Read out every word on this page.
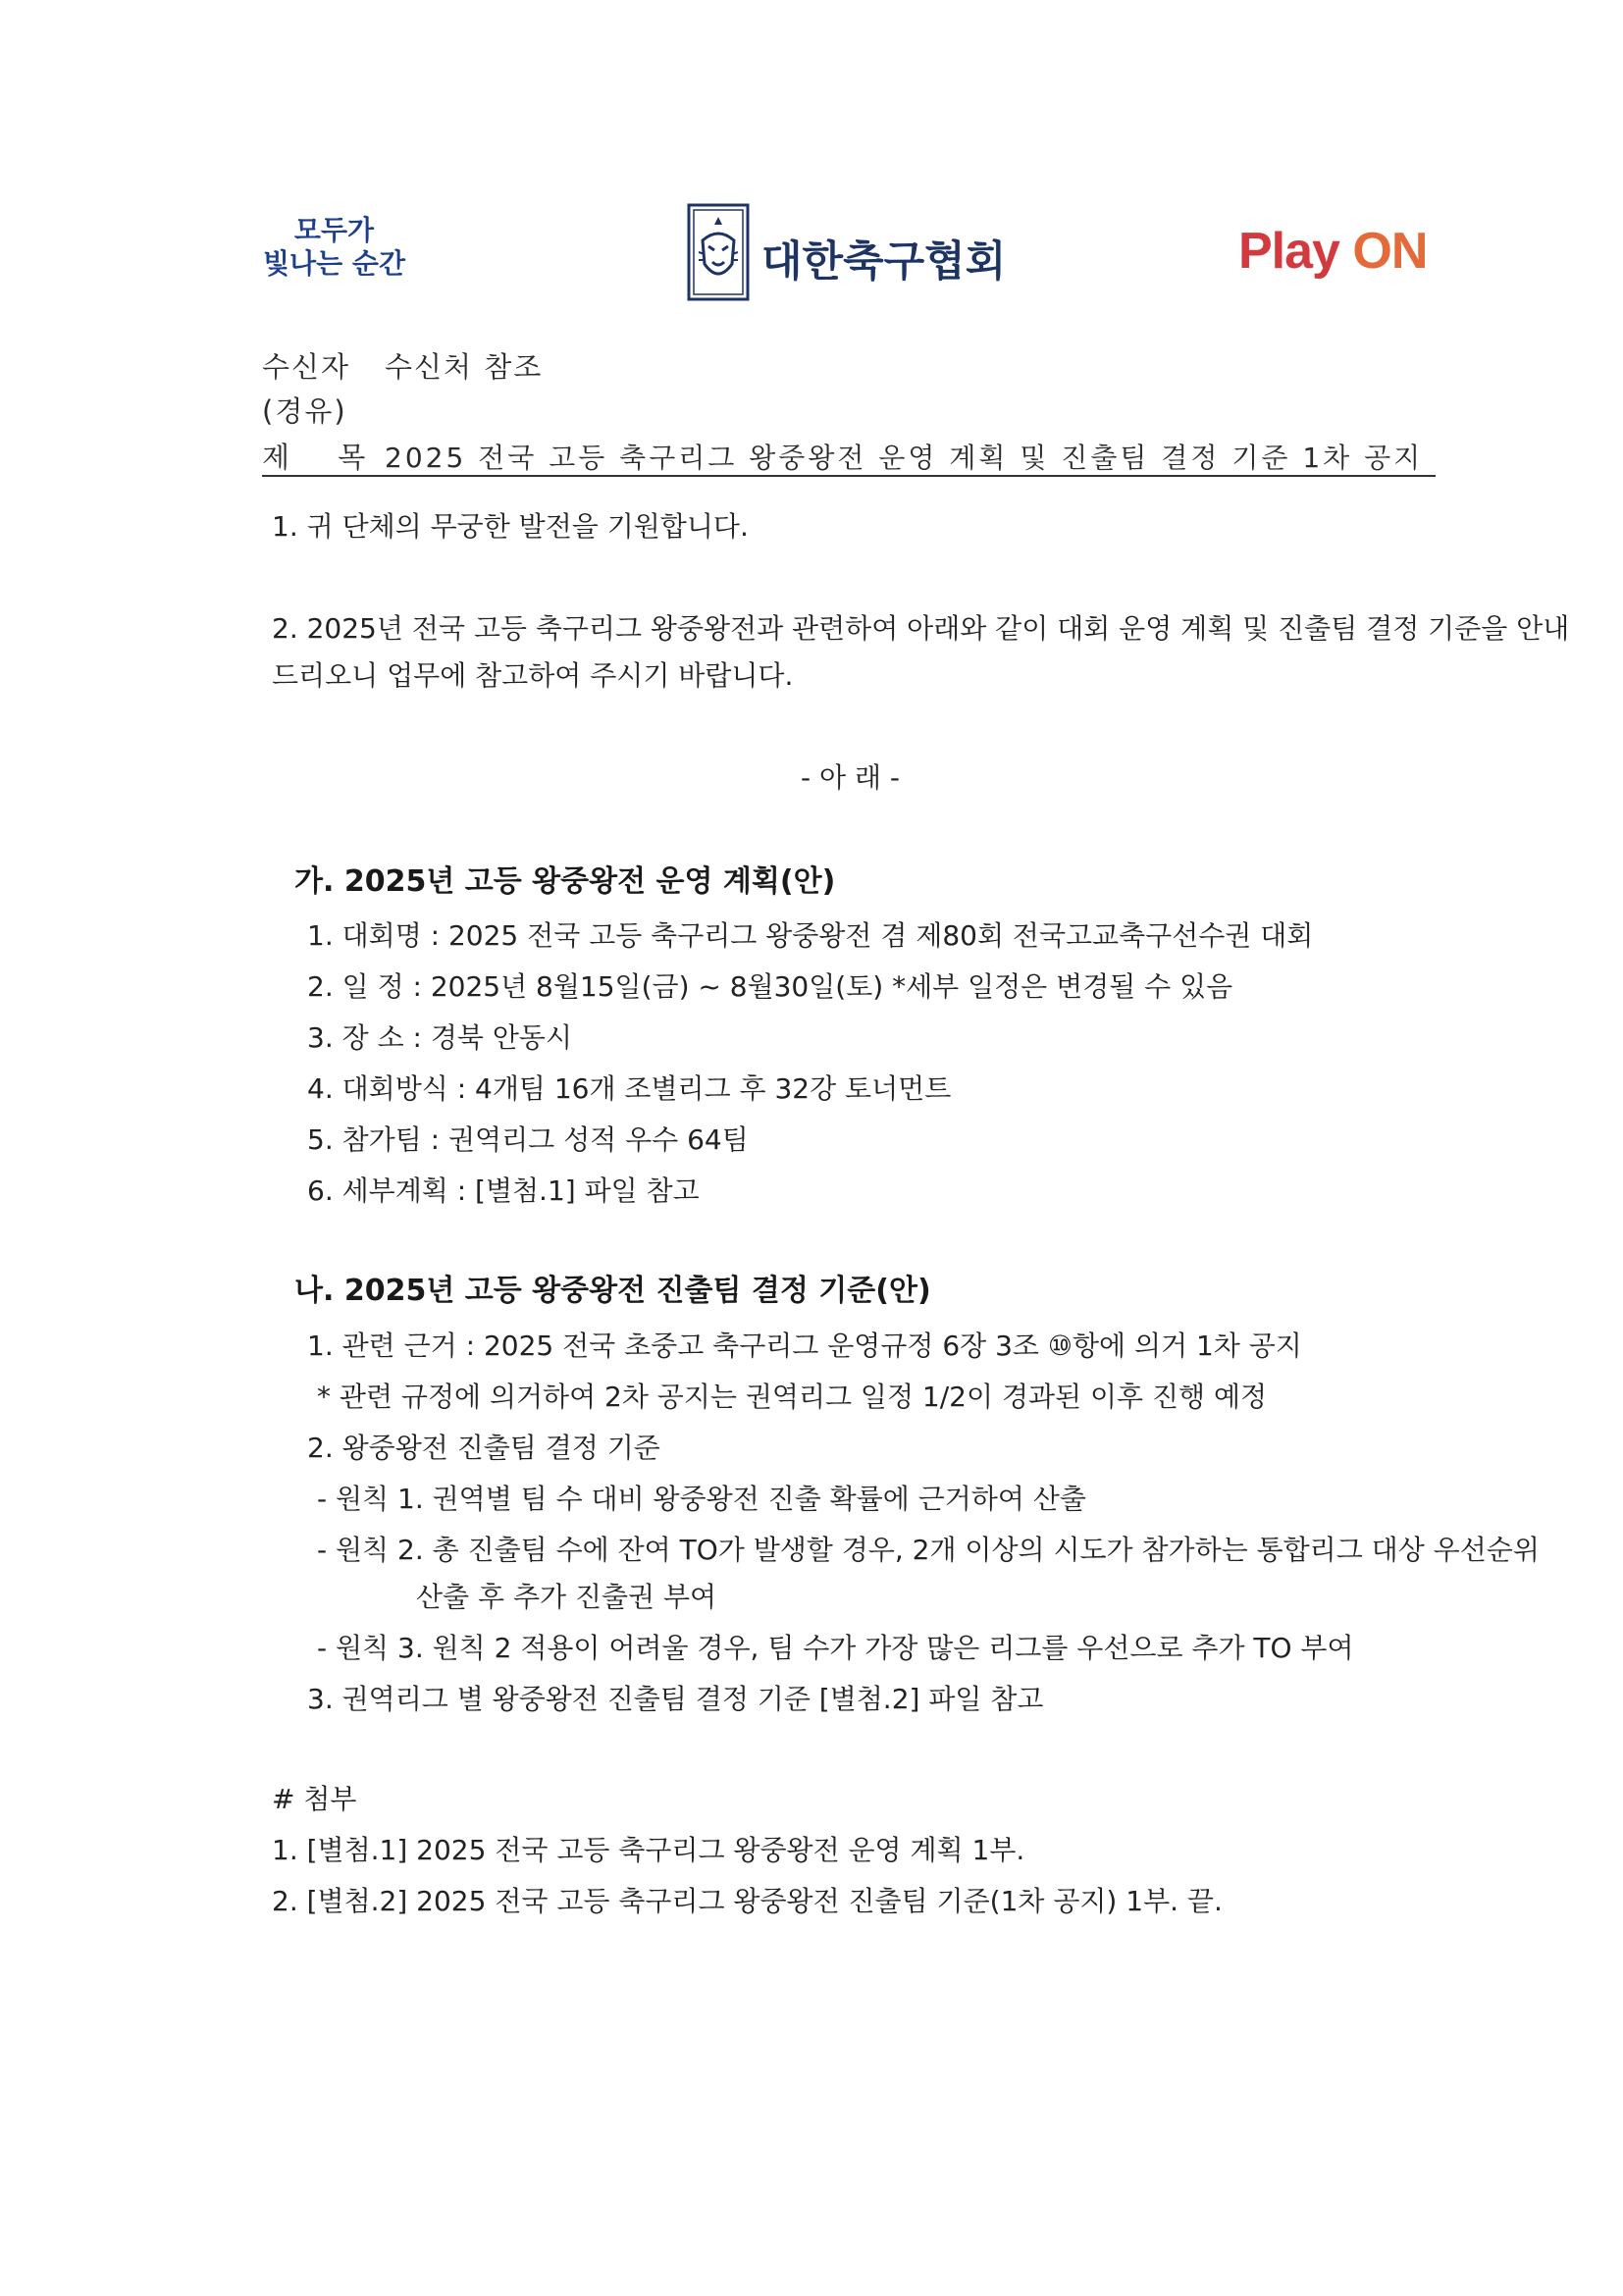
모두가
빛나는 순간	대한축구협회	Play ON
수신자 수신처 참조
(경유)
제 목 2025 전국 고등 축구리그 왕중왕전 운영 계획 및 진출팀 결정 기준 1차 공지
1. 귀 단체의 무궁한 발전을 기원합니다.
2. 2025년 전국 고등 축구리그 왕중왕전과 관련하여 아래와 같이 대회 운영 계획 및 진출팀 결정 기준을 안내
드리오니 업무에 참고하여 주시기 바랍니다.
- 아 래 -
가. 2025년 고등 왕중왕전 운영 계획(안)
1. 대회명 : 2025 전국 고등 축구리그 왕중왕전 겸 제80회 전국고교축구선수권 대회
2. 일 정 : 2025년 8월15일(금) ~ 8월30일(토) *세부 일정은 변경될 수 있음
3. 장 소 : 경북 안동시
4. 대회방식 : 4개팀 16개 조별리그 후 32강 토너먼트
5. 참가팀 : 권역리그 성적 우수 64팀
6. 세부계획 : [별첨.1] 파일 참고
나. 2025년 고등 왕중왕전 진출팀 결정 기준(안)
1. 관련 근거 : 2025 전국 초중고 축구리그 운영규정 6장 3조 ⑩항에 의거 1차 공지
* 관련 규정에 의거하여 2차 공지는 권역리그 일정 1/2이 경과된 이후 진행 예정
2. 왕중왕전 진출팀 결정 기준
- 원칙 1. 권역별 팀 수 대비 왕중왕전 진출 확률에 근거하여 산출
- 원칙 2. 총 진출팀 수에 잔여 TO가 발생할 경우, 2개 이상의 시도가 참가하는 통합리그 대상 우선순위
산출 후 추가 진출권 부여
- 원칙 3. 원칙 2 적용이 어려울 경우, 팀 수가 가장 많은 리그를 우선으로 추가 TO 부여
3. 권역리그 별 왕중왕전 진출팀 결정 기준 [별첨.2] 파일 참고
# 첨부
1. [별첨.1] 2025 전국 고등 축구리그 왕중왕전 운영 계획 1부.
2. [별첨.2] 2025 전국 고등 축구리그 왕중왕전 진출팀 기준(1차 공지) 1부. 끝.
